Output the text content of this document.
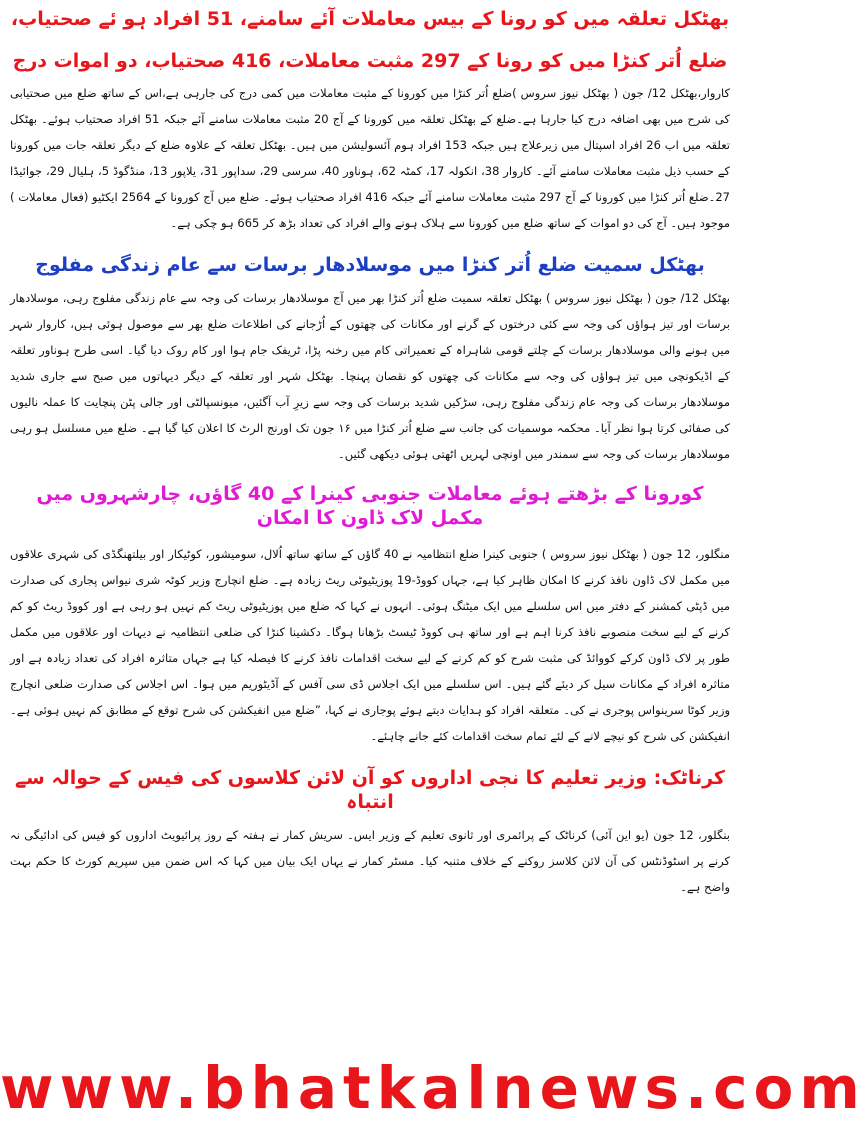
بھٹکل تعلقہ میں کو رونا کے بیس معاملات آئے سامنے، 51 افراد ہو ئے صحتیاب،
ضلع اُتر کنڑا میں کو رونا کے 297 مثبت معاملات، 416 صحتیاب، دو اموات درج

کاروار،بھٹکل 12/ جون ( بھٹکل نیوز سروس )ضلع اُتر کنڑا میں کورونا کے مثبت معاملات میں کمی درج کی جارہی ہے،اس کے ساتھ ضلع میں صحتیابی کی شرح میں بھی اضافہ درج کیا جارہا ہے۔ضلع کے بھٹکل تعلقہ میں کورونا کے آج 20 مثبت معاملات سامنے آئے جبکہ 51 افراد صحتیاب ہوئے۔ بھٹکل تعلقہ میں اب 26 افراد اسپتال میں زیرعلاج ہیں جبکہ 153 افراد ہوم آئسولیشن میں ہیں۔ بھٹکل تعلقہ کے علاوہ ضلع کے دیگر تعلقہ جات میں کورونا کے حسب ذیل مثبت معاملات سامنے آئے۔ کاروار 38، انکولہ 17، کمٹہ 62، ہوناور 40، سرسی 29، سداپور 31، یلاپور 13، منڈگوڈ 5، ہلیال 29، جوائیڈا 27۔ضلع اُتر کنڑا میں کورونا کے آج 297 مثبت معاملات سامنے آئے جبکہ 416 افراد صحتیاب ہوئے۔ ضلع میں آج کورونا کے 2564 ایکٹیو (فعال معاملات ) موجود ہیں۔ آج کی دو اموات کے ساتھ ضلع میں کورونا سے ہلاک ہونے والے افراد کی تعداد بڑھ کر 665 ہو چکی ہے۔

بھٹکل سمیت ضلع اُتر کنڑا میں موسلادھار برسات سے عام زندگی مفلوج

بھٹکل 12/ جون ( بھٹکل نیوز سروس ) بھٹکل تعلقہ سمیت ضلع اُتر کنڑا بھر میں آج موسلادھار برسات کی وجہ سے عام زندگی مفلوج رہی، موسلادھار برسات اور تیز ہواؤں کی وجہ سے کئی درختوں کے گرنے اور مکانات کی چھتوں کے اُڑجانے کی اطلاعات ضلع بھر سے موصول ہوئی ہیں، کاروار شہر میں ہونے والی موسلادھار برسات کے چلتے قومی شاہراہ کے تعمیراتی کام میں رخنہ پڑا، ٹریفک جام ہوا اور کام روک دیا گیا۔ اسی طرح ہوناور تعلقہ کے اڈیکونچی میں تیز ہواؤں کی وجہ سے مکانات کی چھتوں کو نقصان پہنچا۔ بھٹکل شہر اور تعلقہ کے دیگر دیہاتوں میں صبح سے جاری شدید موسلادھار برسات کی وجہ عام زندگی مفلوج رہی، سڑکیں شدید برسات کی وجہ سے زیرِ آب آگئیں، میونسپالٹی اور جالی پٹن پنچایت کا عملہ نالیوں کی صفائی کرتا ہوا نظر آیا۔ محکمہ موسمیات کی جانب سے ضلع اُتر کنڑا میں ۱۶ جون تک اورنج الرٹ کا اعلان کیا گیا ہے۔ ضلع میں مسلسل ہو رہی موسلادھار برسات کی وجہ سے سمندر میں اونچی لہریں اٹھتی ہوئی دیکھی گئیں۔

کورونا کے بڑھتے ہوئے معاملات جنوبی کینرا کے 40 گاؤں، چارشہروں میں مکمل لاک ڈاون کا امکان

منگلور، 12 جون ( بھٹکل نیوز سروس ) جنوبی کینرا ضلع انتظامیہ نے 40 گاؤں کے ساتھ ساتھ اُلال، سومیشور، کوٹیکار اور بیلتھنگڈی کی شہری علاقوں میں مکمل لاک ڈاون نافذ کرنے کا امکان ظاہر کیا ہے، جہاں کووڈ-19 پوزیٹیوٹی ریٹ زیادہ ہے۔ ضلع انچارج وزیر کوٹہ شری نیواس پجاری کی صدارت میں ڈپٹی کمشنر کے دفتر میں اس سلسلے میں ایک میٹنگ ہوئی۔ انہوں نے کہا کہ ضلع میں پوزیٹیوٹی ریٹ کم نہیں ہو رہی ہے اور کووڈ ریٹ کو کم کرنے کے لیے سخت منصوبے نافذ کرنا اہم ہے اور ساتھ ہی کووڈ ٹیسٹ بڑھانا ہوگا۔ دکشینا کنڑا کی ضلعی انتظامیہ نے دیہات اور علاقوں میں مکمل طور پر لاک ڈاون کرکے کووائڈ کی مثبت شرح کو کم کرنے کے لیے سخت اقدامات نافذ کرنے کا فیصلہ کیا ہے جہاں متاثرہ افراد کی تعداد زیادہ ہے اور متاثرہ افراد کے مکانات سیل کر دیئے گئے ہیں۔ اس سلسلے میں ایک اجلاس ڈی سی آفس کے آڈیٹوریم میں ہوا۔ اس اجلاس کی صدارت ضلعی انچارج وزیر کوٹا سرینواس پوجری نے کی۔ متعلقہ افراد کو ہدایات دیتے ہوئے پوجاری نے کہا، ”ضلع میں انفیکشن کی شرح توقع کے مطابق کم نہیں ہوئی ہے۔ انفیکشن کی شرح کو نیچے لانے کے لئے تمام سخت اقدامات کئے جانے چاہئے۔

کرناٹک: وزیر تعلیم کا نجی اداروں کو آن لائن کلاسوں کی فیس کے حوالہ سے انتباہ

بنگلور، 12 جون (یو این آئی) کرناٹک کے پرائمری اور ثانوی تعلیم کے وزیر ایس۔ سریش کمار نے ہفتہ کے روز پرائیویٹ اداروں کو فیس کی ادائیگی نہ کرنے پر اسٹوڈنٹس کی آن لائن کلاسز روکنے کے خلاف متنبہ کیا۔ مسٹر کمار نے یہاں ایک بیان میں کہا کہ اس ضمن میں سپریم کورٹ کا حکم بہت واضح ہے۔

www.bhatkalnews.com
